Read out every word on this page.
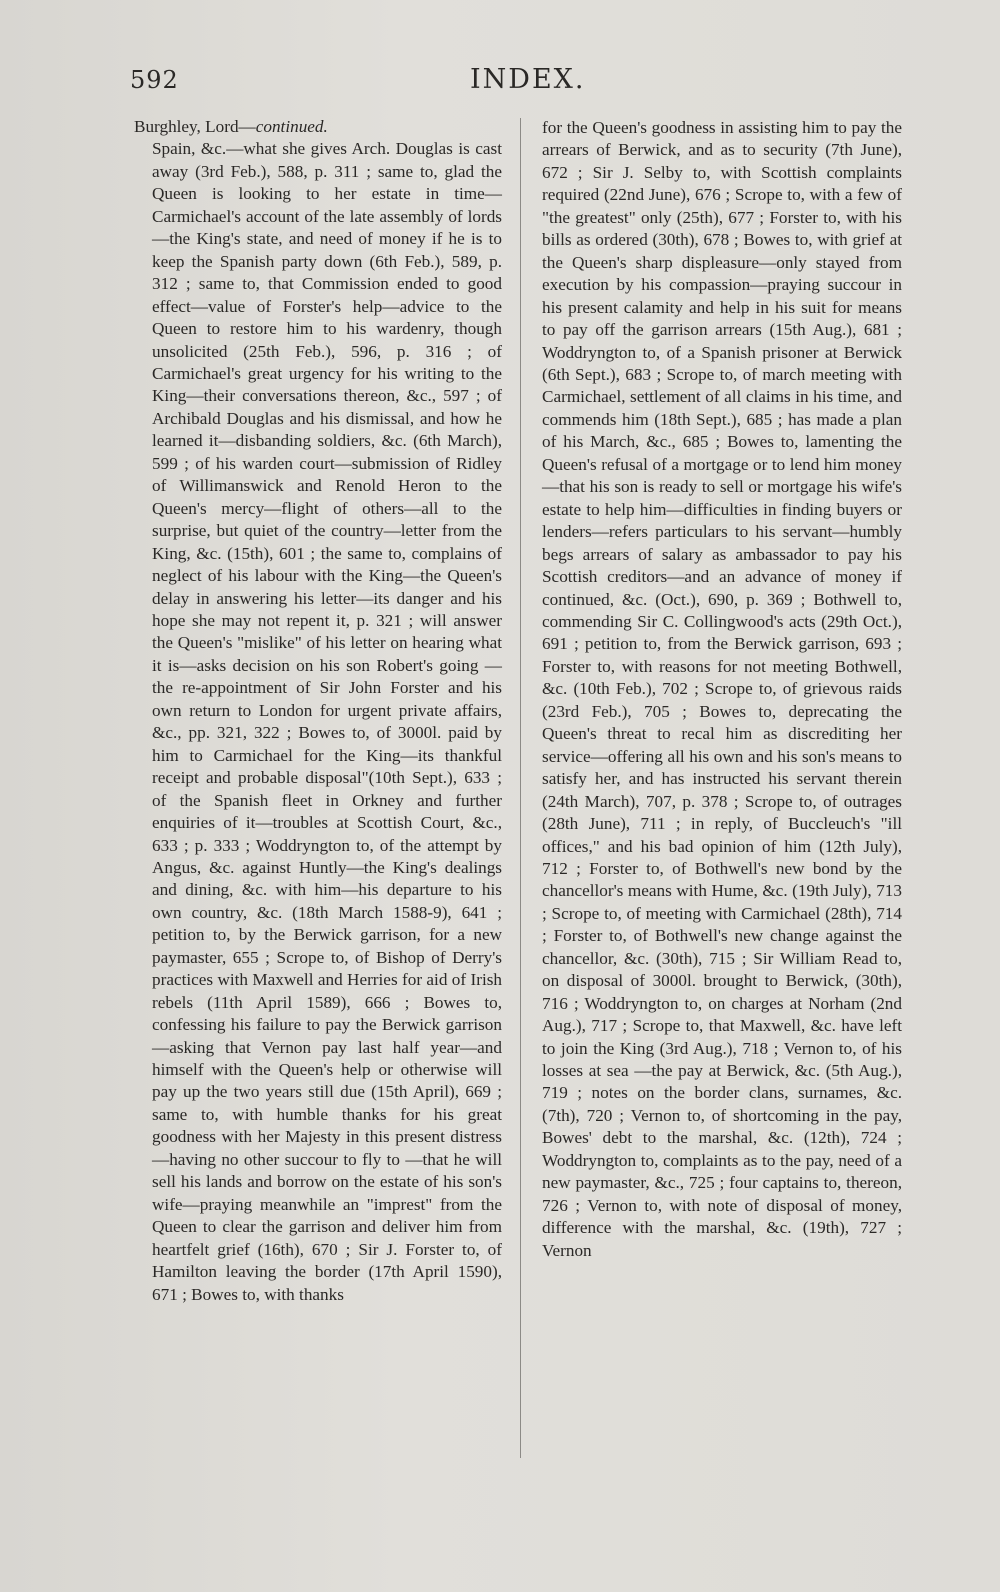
592	INDEX.

Burghley, Lord—continued.

Spain, &c.—what she gives Arch. Douglas is cast away (3rd Feb.), 588, p. 311 ; same to, glad the Queen is looking to her estate in time—Carmichael's account of the late assembly of lords—the King's state, and need of money if he is to keep the Spanish party down (6th Feb.), 589, p. 312 ; same to, that Commission ended to good effect—value of Forster's help—advice to the Queen to restore him to his wardenry, though unsolicited (25th Feb.), 596, p. 316 ; of Carmichael's great urgency for his writing to the King—their conversations thereon, &c., 597 ; of Archibald Douglas and his dismissal, and how he learned it—disbanding soldiers, &c. (6th March), 599 ; of his warden court—submission of Ridley of Willimanswick and Renold Heron to the Queen's mercy—flight of others—all to the surprise, but quiet of the country—letter from the King, &c. (15th), 601 ; the same to, complains of neglect of his labour with the King—the Queen's delay in answering his letter—its danger and his hope she may not repent it, p. 321 ; will answer the Queen's "mislike" of his letter on hearing what it is—asks decision on his son Robert's going —the re-appointment of Sir John Forster and his own return to London for urgent private affairs, &c., pp. 321, 322 ; Bowes to, of 3000l. paid by him to Carmichael for the King—its thankful receipt and probable disposal"(10th Sept.), 633 ; of the Spanish fleet in Orkney and further enquiries of it—troubles at Scottish Court, &c., 633 ; p. 333 ; Woddryngton to, of the attempt by Angus, &c. against Huntly—the King's dealings and dining, &c. with him—his departure to his own country, &c. (18th March 1588-9), 641 ; petition to, by the Berwick garrison, for a new paymaster, 655 ; Scrope to, of Bishop of Derry's practices with Maxwell and Herries for aid of Irish rebels (11th April 1589), 666 ; Bowes to, confessing his failure to pay the Berwick garrison—asking that Vernon pay last half year—and himself with the Queen's help or otherwise will pay up the two years still due (15th April), 669 ; same to, with humble thanks for his great goodness with her Majesty in this present distress—having no other succour to fly to —that he will sell his lands and borrow on the estate of his son's wife—praying meanwhile an "imprest" from the Queen to clear the garrison and deliver him from heartfelt grief (16th), 670 ; Sir J. Forster to, of Hamilton leaving the border (17th April 1590), 671 ; Bowes to, with thanks

for the Queen's goodness in assisting him to pay the arrears of Berwick, and as to security (7th June), 672 ; Sir J. Selby to, with Scottish complaints required (22nd June), 676 ; Scrope to, with a few of "the greatest" only (25th), 677 ; Forster to, with his bills as ordered (30th), 678 ; Bowes to, with grief at the Queen's sharp displeasure—only stayed from execution by his compassion—praying succour in his present calamity and help in his suit for means to pay off the garrison arrears (15th Aug.), 681 ; Woddryngton to, of a Spanish prisoner at Berwick (6th Sept.), 683 ; Scrope to, of march meeting with Carmichael, settlement of all claims in his time, and commends him (18th Sept.), 685 ; has made a plan of his March, &c., 685 ; Bowes to, lamenting the Queen's refusal of a mortgage or to lend him money—that his son is ready to sell or mortgage his wife's estate to help him—difficulties in finding buyers or lenders—refers particulars to his servant—humbly begs arrears of salary as ambassador to pay his Scottish creditors—and an advance of money if continued, &c. (Oct.), 690, p. 369 ; Bothwell to, commending Sir C. Collingwood's acts (29th Oct.), 691 ; petition to, from the Berwick garrison, 693 ; Forster to, with reasons for not meeting Bothwell, &c. (10th Feb.), 702 ; Scrope to, of grievous raids (23rd Feb.), 705 ; Bowes to, deprecating the Queen's threat to recal him as discrediting her service—offering all his own and his son's means to satisfy her, and has instructed his servant therein (24th March), 707, p. 378 ; Scrope to, of outrages (28th June), 711 ; in reply, of Buccleuch's "ill offices," and his bad opinion of him (12th July), 712 ; Forster to, of Bothwell's new bond by the chancellor's means with Hume, &c. (19th July), 713 ; Scrope to, of meeting with Carmichael (28th), 714 ; Forster to, of Bothwell's new change against the chancellor, &c. (30th), 715 ; Sir William Read to, on disposal of 3000l. brought to Berwick, (30th), 716 ; Woddryngton to, on charges at Norham (2nd Aug.), 717 ; Scrope to, that Maxwell, &c. have left to join the King (3rd Aug.), 718 ; Vernon to, of his losses at sea —the pay at Berwick, &c. (5th Aug.), 719 ; notes on the border clans, surnames, &c. (7th), 720 ; Vernon to, of shortcoming in the pay, Bowes' debt to the marshal, &c. (12th), 724 ; Woddryngton to, complaints as to the pay, need of a new paymaster, &c., 725 ; four captains to, thereon, 726 ; Vernon to, with note of disposal of money, difference with the marshal, &c. (19th), 727 ; Vernon
